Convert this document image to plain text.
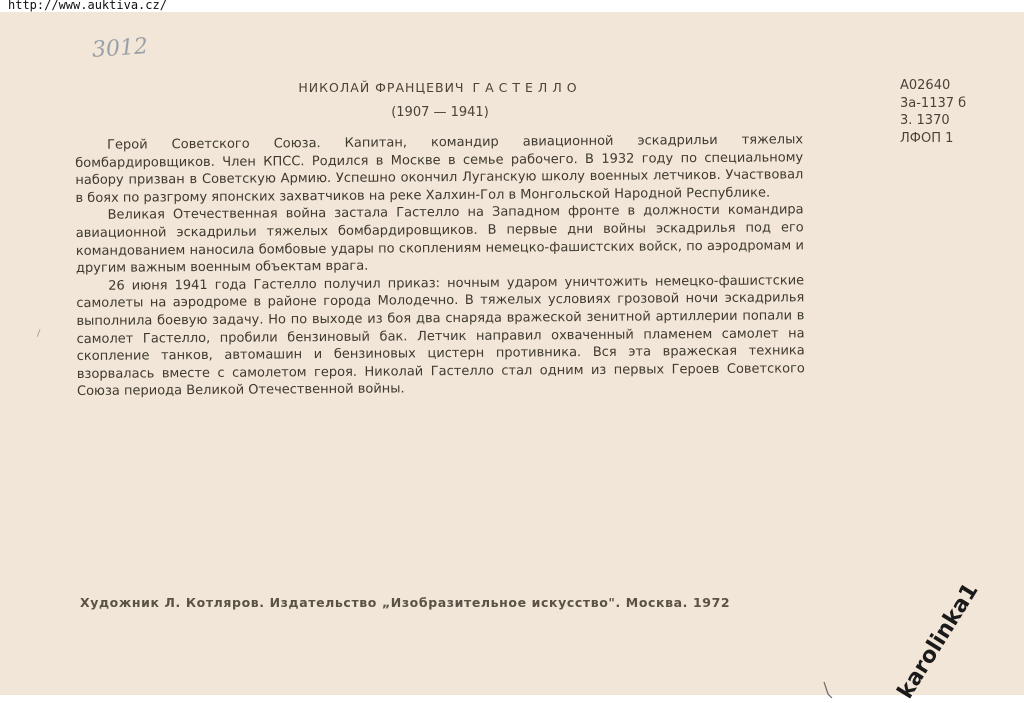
3012
НИКОЛАЙ ФРАНЦЕВИЧ ГАСТЕЛЛО
(1907 — 1941)
А02640
3а-1137 б
3. 1370
ЛФОП 1

Герой Советского Союза. Капитан, командир авиационной эскадрильи тяжелых бомбардировщиков. Член КПСС. Родился в Москве в семье рабочего. В 1932 году по специальному набору призван в Советскую Армию. Успешно окончил Луганскую школу военных летчиков. Участвовал в боях по разгрому японских захватчиков на реке Халхин-Гол в Монгольской Народной Республике.

Великая Отечественная война застала Гастелло на Западном фронте в должности командира авиационной эскадрильи тяжелых бомбардировщиков. В первые дни войны эскадрилья под его командованием наносила бомбовые удары по скоплениям немецко-фашистских войск, по аэродромам и другим важным военным объектам врага.

26 июня 1941 года Гастелло получил приказ: ночным ударом уничтожить немецко-фашистские самолеты на аэродроме в районе города Молодечно. В тяжелых условиях грозовой ночи эскадрилья выполнила боевую задачу. Но по выходе из боя два снаряда вражеской зенитной артиллерии попали в самолет Гастелло, пробили бензиновый бак. Летчик направил охваченный пламенем самолет на скопление танков, автомашин и бензиновых цистерн противника. Вся эта вражеская техника взорвалась вместе с самолетом героя. Николай Гастелло стал одним из первых Героев Советского Союза периода Великой Отечественной войны.

Художник Л. Котляров. Издательство „Изобразительное искусство". Москва. 1972
http://www.auktiva.cz/
karolinka1
